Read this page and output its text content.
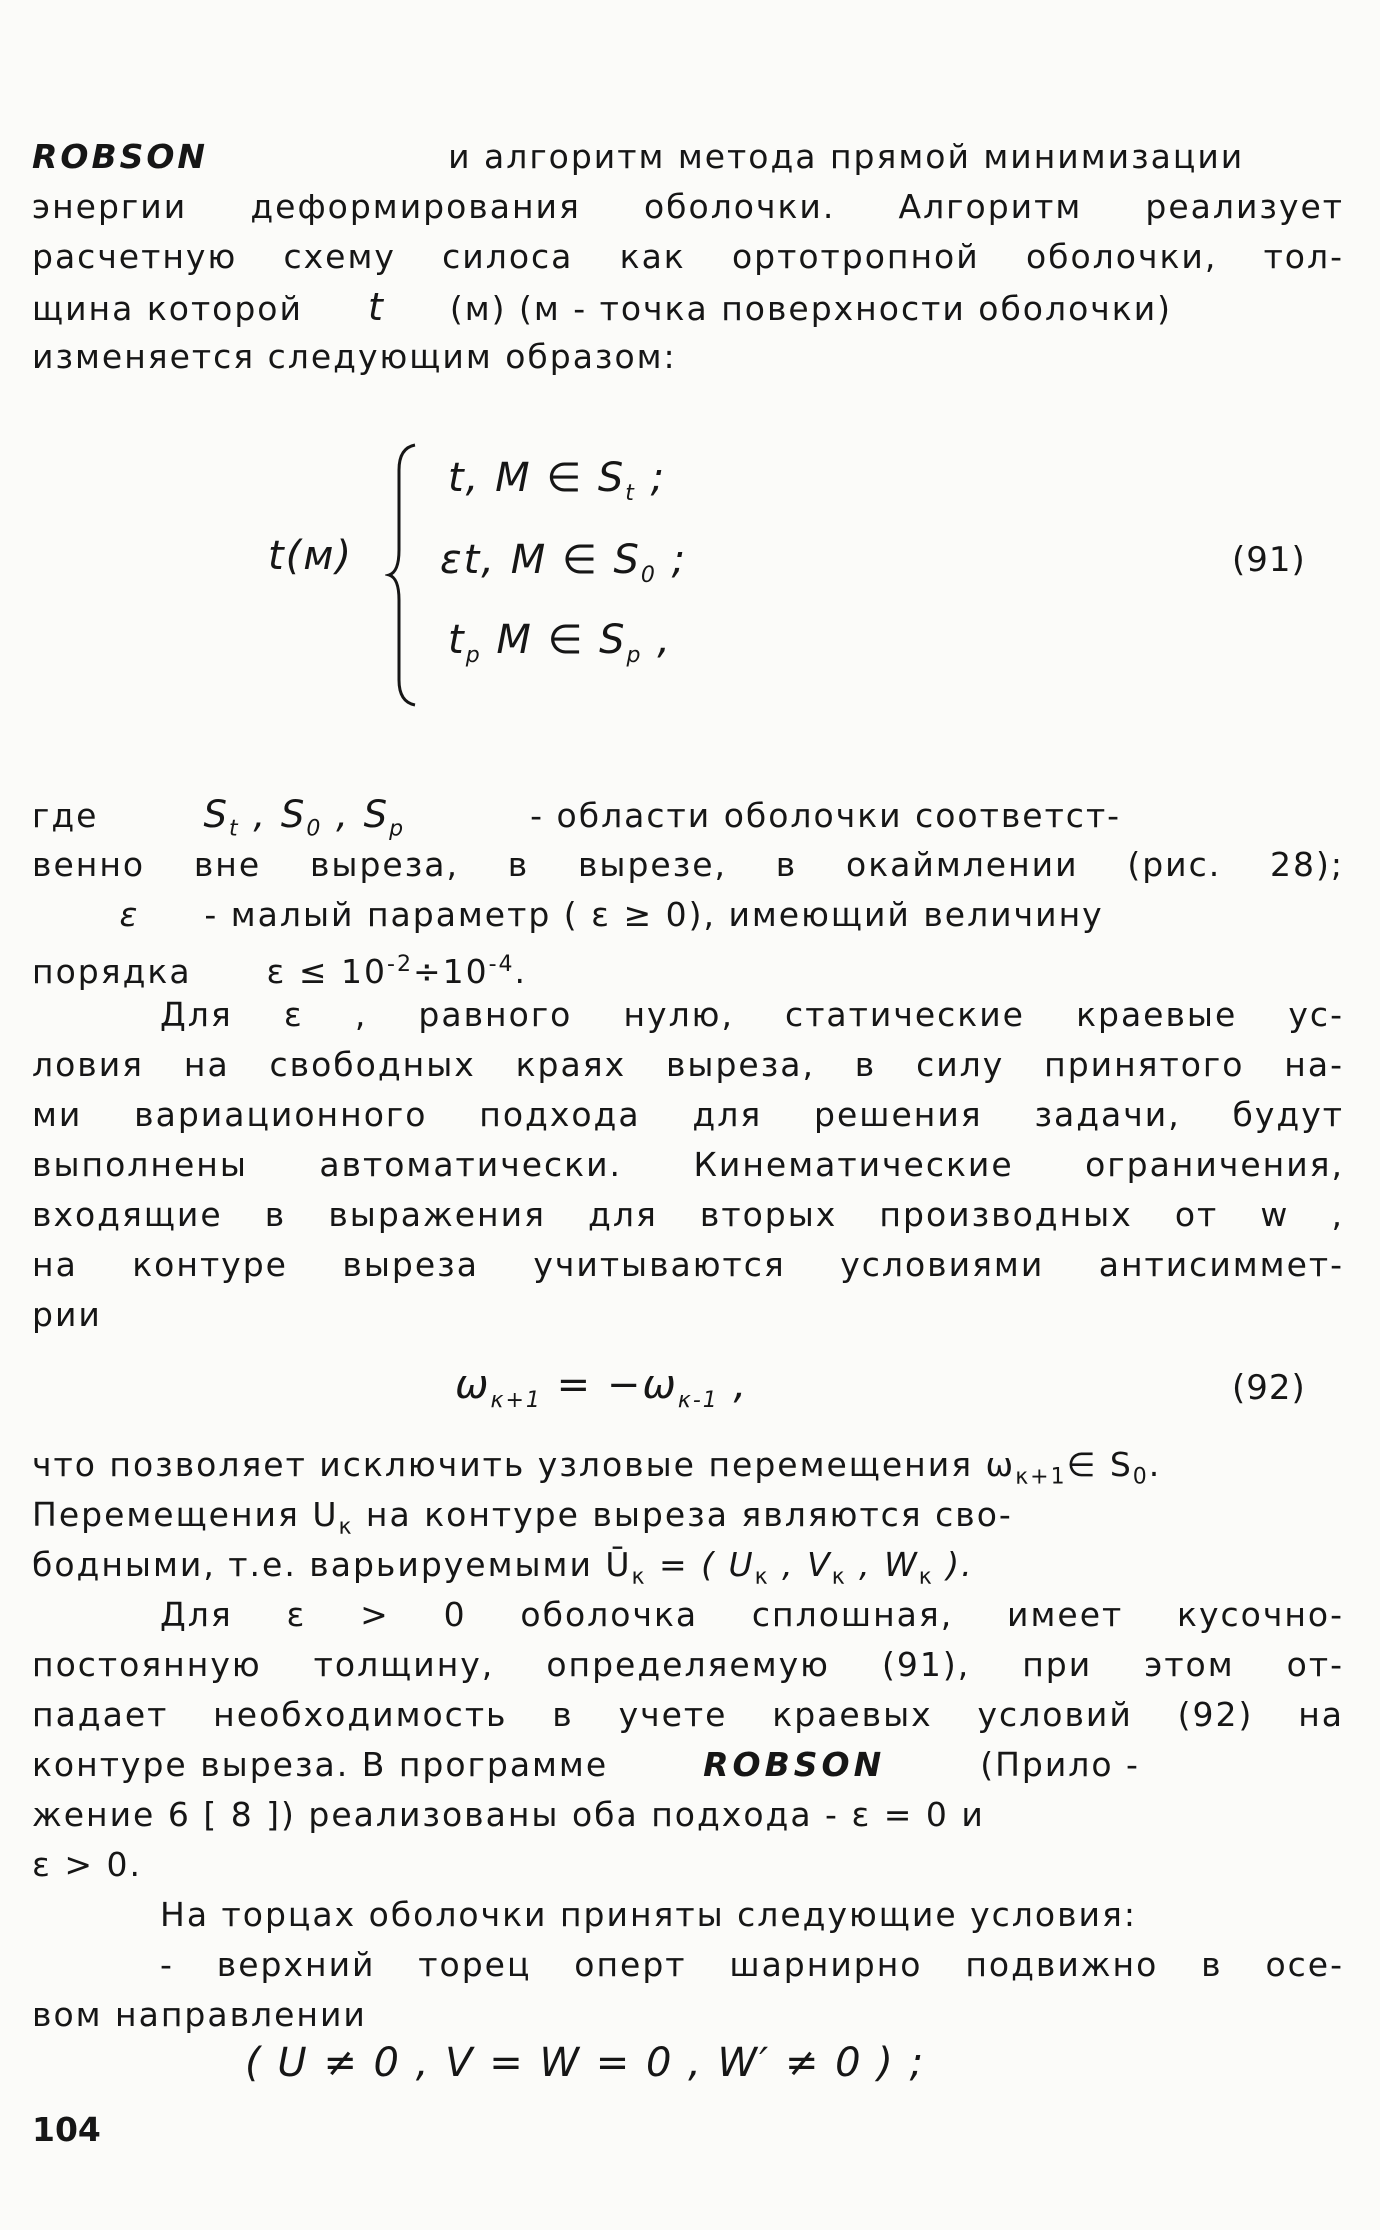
ROBSON	и алгоритм метода прямой минимизации
энергии деформирования оболочки. Алгоритм реализует
расчетную схему силоса как ортотропной оболочки, тол-
щина которой t (м) (м - точка поверхности оболочки)
изменяется следующим образом:
t(м)
t, M ∈ $S_t$ ;
εt, M ∈ $S_0$ ;
$t_p$ M ∈ $S_p$ ,
(91)
где	$S_t$ , $S_0$ , $S_p$	- области оболочки соответст-
венно вне выреза, в вырезе, в окаймлении (рис. 28);
ε - малый параметр ( ε ≥ 0), имеющий величину
порядка $\varepsilon \le 10^{-2}\div 10^{-4}$.
Для ε , равного нулю, статические краевые ус-
ловия на свободных краях выреза, в силу принятого на-
ми вариационного подхода для решения задачи, будут
выполнены автоматически. Кинематические ограничения,
входящие в выражения для вторых производных от w ,
на контуре выреза учитываются условиями антисиммет-
рии
$\omega_{\kappa+1} = -\omega_{\kappa-1}$ ,	(92)
что позволяет исключить узловые перемещения $\omega_{\kappa+1}\in$ $S_0$.
Перемещения $U_\kappa$ на контуре выреза являются сво-
бодными, т.е. варьируемыми $Ū_\kappa$ = ( $U_\kappa$ , $V_\kappa$ , $W_\kappa$ ).
Для ε > 0 оболочка сплошная, имеет кусочно-
постоянную толщину, определяемую (91), при этом от-
падает необходимость в учете краевых условий (92) на
контуре выреза. В программе	ROBSON	(Прило -
жение 6 [ 8 ]) реализованы оба подхода - ε = 0 и
ε > 0.
На торцах оболочки приняты следующие условия:
- верхний торец оперт шарнирно подвижно в осе-
вом направлении
( U ≠ 0 , V = W = 0 , W′ ≠ 0 ) ;
104
